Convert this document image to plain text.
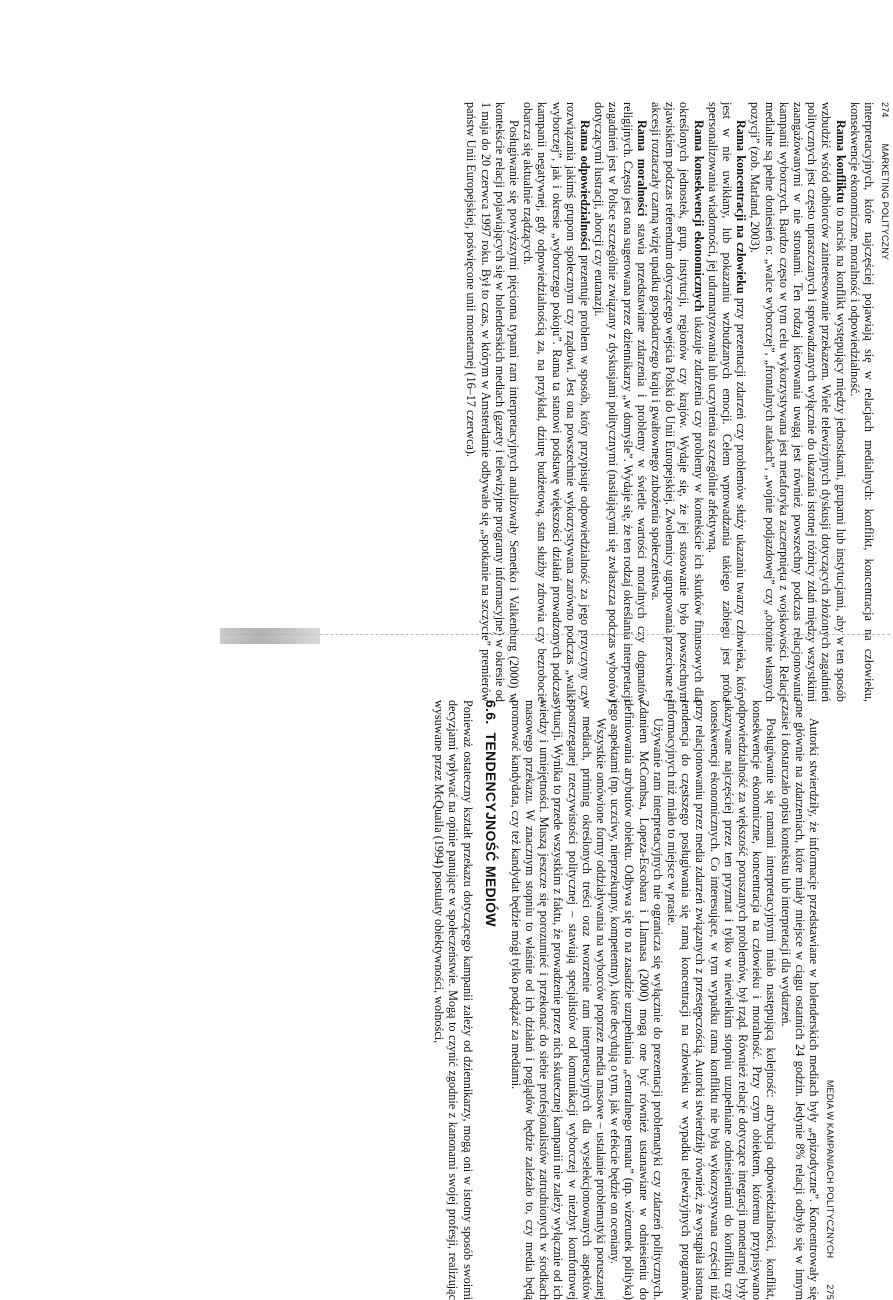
274
MARKETING POLITYCZNY

interpretacyjnych, które najczęściej pojawiają się w relacjach medialnych: konflikt, koncentracja na człowieku, konsekwencje ekonomiczne, moralność i odpowiedzialność.

Rama konfliktu to nacisk na konflikt występujący między jednostkami, grupami lub instytucjami, aby w ten sposób wzbudzić wśród odbiorców zainteresowanie przekazem. Wiele telewizyjnych dyskusji dotyczących złożonych zagadnień politycznych jest często upraszczanych i sprowadzanych wyłącznie do ukazania istotnej różnicy zdań między wszystkimi zaangażowanymi w nie stronami. Ten rodzaj kierowania uwagą jest również powszechny podczas relacjonowania kampanii wyborczych. Bardzo często w tym celu wykorzystywana jest metaforyka zaczerpnięta z wojskowości. Relacje medialne są pełne doniesień o: „walce wyborczej”, „frontalnych atakach”, „wojnie podjazdowej” czy „obronie własnych pozycji” (zob. Marland, 2003).

Rama koncentracji na człowieku przy prezentacji zdarzeń czy problemów służy ukazaniu twarzy człowieka, który jest w nie uwikłany, lub pokazaniu wzbudzanych emocji. Celem wprowadzania takiego zabiegu jest próba spersonalizowania wiadomości, jej udramatyzowania lub uczynienia szczególnie afektywną.

Rama konsekwencji ekonomicznych ukazuje zdarzenia czy problemy w kontekście ich skutków finansowych dla określonych jednostek, grup, instytucji, regionów czy krajów. Wydaje się, że jej stosowanie było powszechnym zjawiskiem podczas referendum dotyczącego wejścia Polski do Unii Europejskiej. Zwolennicy ugrupowania przeciwne tej akcesji roztaczały czarną wizję upadku gospodarczego kraju i gwałtownego zubożenia społeczeństwa.

Rama moralności stawia przedstawiane zdarzenia i problemy w świetle wartości moralnych czy dogmatów religijnych. Często jest ona sugerowana przez dziennikarzy „w domyśle”. Wydaje się, że ten rodzaj określania interpretacji zagadnień jest w Polsce szczególnie związany z dyskusjami politycznymi (nasilającymi się zwłaszcza podczas wyborów) dotyczącymi lustracji, aborcji czy eutanazji.

Rama odpowiedzialności prezentuje problem w sposób, który przypisuje odpowiedzialność za jego przyczyny czy rozwiązania jakimś grupom społecznym czy rządowi. Jest ona powszechnie wykorzystywana zarówno podczas „walki wyborczej”, jak i okresie „wyborczego pokoju”. Rama ta stanowi podstawę większości działań prowadzonych podczas kampanii negatywnej, gdy odpowiedzialnością za, na przykład, dziurę budżetową, stan służby zdrowia czy bezrobocie obarcza się aktualnie rządzących.

Posługiwanie się powyższymi pięcioma typami ram interpretacyjnych analizowały Semetko i Valkenburg (2000) w kontekście relacji pojawiających się w holenderskich mediach (gazety i telewizyjne programy informacyjne) w okresie od 1 maja do 20 czerwca 1997 roku. Był to czas, w którym w Amsterdamie odbywało się „spotkanie na szczycie” premierów państw Unii Europejskiej, poświęcone unii monetarnej (16–17 czerwca).

MEDIA W KAMPANIACH POLITYCZNYCH
275

Autorki stwierdziły, że informacje przedstawiane w holenderskich mediach były „epizodyczne”. Koncentrowały się one głównie na zdarzeniach, które miały miejsce w ciągu ostatnich 24 godzin. Jedynie 8% relacji odbyło się w innym czasie i dostarczało opisu kontekstu lub interpretacji dla wydarzeń.

Posługiwanie się ramami interpretacyjnymi miało następującą kolejność: atrybucja odpowiedzialności, konflikt, konsekwencje ekonomiczne, koncentracja na człowieku i moralność. Przy czym obiektem, któremu przypisywano odpowiedzialność za większość poruszanych problemów, był rząd. Również relacje dotyczące integracji monetarnej były ukazywane najczęściej przez ten pryzmat i tylko w niewielkim stopniu uzupełniane odniesieniami do konfliktu czy konsekwencji ekonomicznych. Co interesujące, w tym wypadku rama konfliktu nie była wykorzystywana częściej niż przy relacjonowaniu przez media zdarzeń związanych z przestępczością. Autorki stwierdziły również, że wystąpiła istotna tendencja do częstszego posługiwania się ramą koncentracji na człowieku w wypadku telewizyjnych programów informacyjnych niż miało to miejsce w prasie.

Używanie ram interpretacyjnych nie ogranicza się wyłącznie do prezentacji problematyki czy zdarzeń politycznych. Zdaniem McCombsa, Lopeza-Escobara i Llamasa (2000) mogą one być również ustanawiane w odniesieniu do definiowania atrybutów obiektu. Odbywa się to na zasadzie uzupełniania „centralnego tematu” (np. wizerunek polityka) jego aspektami (np. uczciwy, nieprzekupny, kompetentny), które decydują o tym, jak w efekcie będzie on oceniany.

Wszystkie omówione formy oddziaływania na wyborców poprzez media masowe – ustalanie problematyki poruszanej w mediach, priming określonych treści oraz tworzenie ram interpretacyjnych dla wyselekcjonowanych aspektów spostrzeganej rzeczywistości politycznej – stawiają specjalistów od komunikacji wyborczej w niezbyt komfortowej sytuacji. Wynika to przede wszystkim z faktu, że prowadzenie przez nich skutecznej kampanii nie zależy wyłącznie od ich wiedzy i umiejętności. Muszą jeszcze się porozumieć i przekonać do siebie profesjonalistów zatrudnionych w środkach masowego przekazu. W znacznym stopniu to właśnie od ich działań i poglądów będzie zależało to, czy media będą promować kandydata, czy też kandydat będzie mógł tylko podążać za mediami.

6.6.TENDENCYJNOŚĆ MEDIÓW

Ponieważ ostateczny kształt przekazu dotyczącego kampanii zależy od dziennikarzy, mogą oni w istotny sposób swoimi decyzjami wpływać na opinie panujące w społeczeństwie. Mogą to czynić zgodnie z kanonami swojej profesji, realizując wysuwane przez McQuaila (1994) postulaty obiektywności, wolności,
